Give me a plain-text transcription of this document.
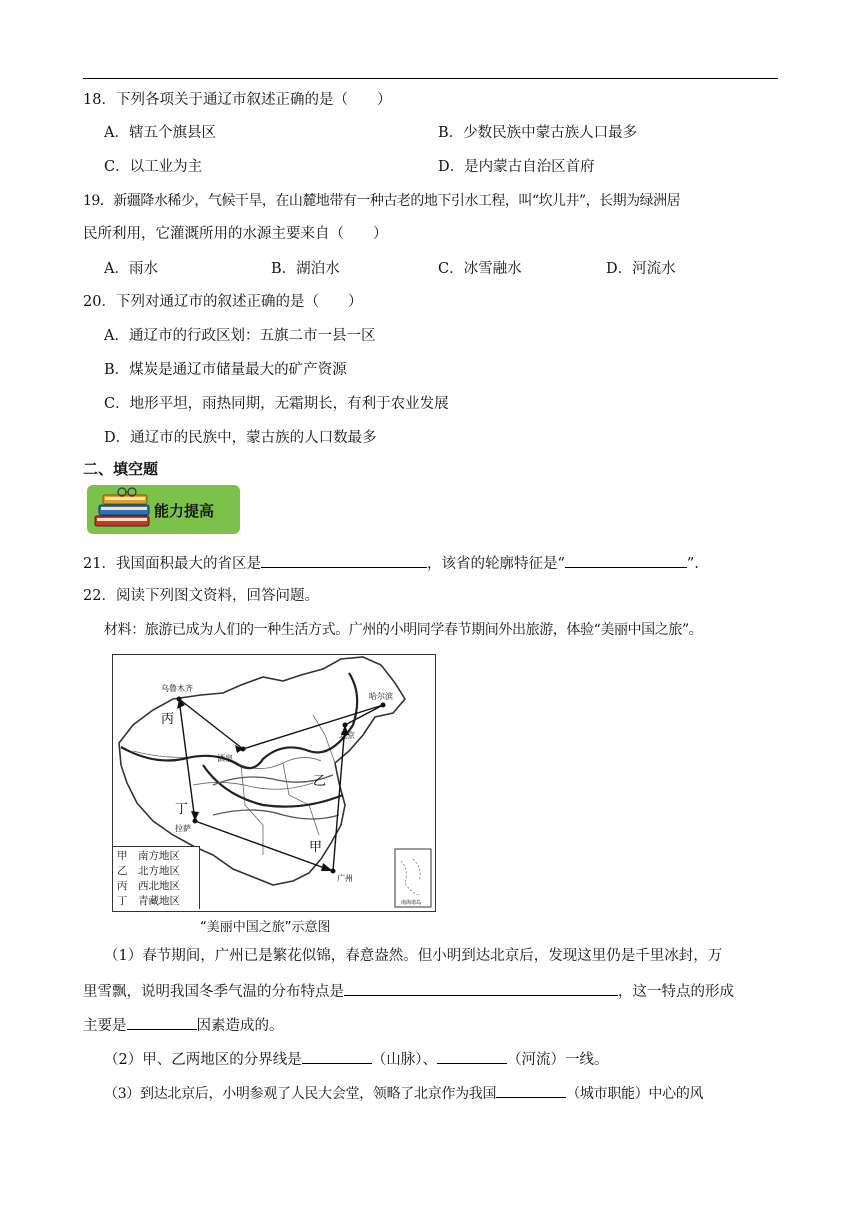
18．下列各项关于通辽市叙述正确的是（　　）
A．辖五个旗县区	B．少数民族中蒙古族人口最多
C．以工业为主	D．是内蒙古自治区首府
19．新疆降水稀少，气候干旱，在山麓地带有一种古老的地下引水工程，叫“坎儿井”，长期为绿洲居
民所利用，它灌溉所用的水源主要来自（　　）
A．雨水	B．湖泊水	C．冰雪融水	D．河流水
20．下列对通辽市的叙述正确的是（　　）
A．通辽市的行政区划：五旗二市一县一区
B．煤炭是通辽市储量最大的矿产资源
C．地形平坦，雨热同期，无霜期长，有利于农业发展
D．通辽市的民族中，蒙古族的人口数最多
二、填空题
能力提高
21．我国面积最大的省区是	，该省的轮廓特征是“	”.
22．阅读下列图文资料，回答问题。
材料：旅游已成为人们的一种生活方式。广州的小明同学春节期间外出旅游，体验“美丽中国之旅”。
乌鲁木齐
哈尔滨
北京
酒泉
拉萨
广州
甲
乙
丙
丁
南海诸岛
甲　南方地区
乙　北方地区
丙　西北地区
丁　青藏地区
“美丽中国之旅”示意图
（1）春节期间，广州已是繁花似锦，春意盎然。但小明到达北京后，发现这里仍是千里冰封，万
里雪飘，说明我国冬季气温的分布特点是	，这一特点的形成
主要是	因素造成的。
（2）甲、乙两地区的分界线是	（山脉）、	（河流）一线。
（3）到达北京后，小明参观了人民大会堂，领略了北京作为我国	（城市职能）中心的风
